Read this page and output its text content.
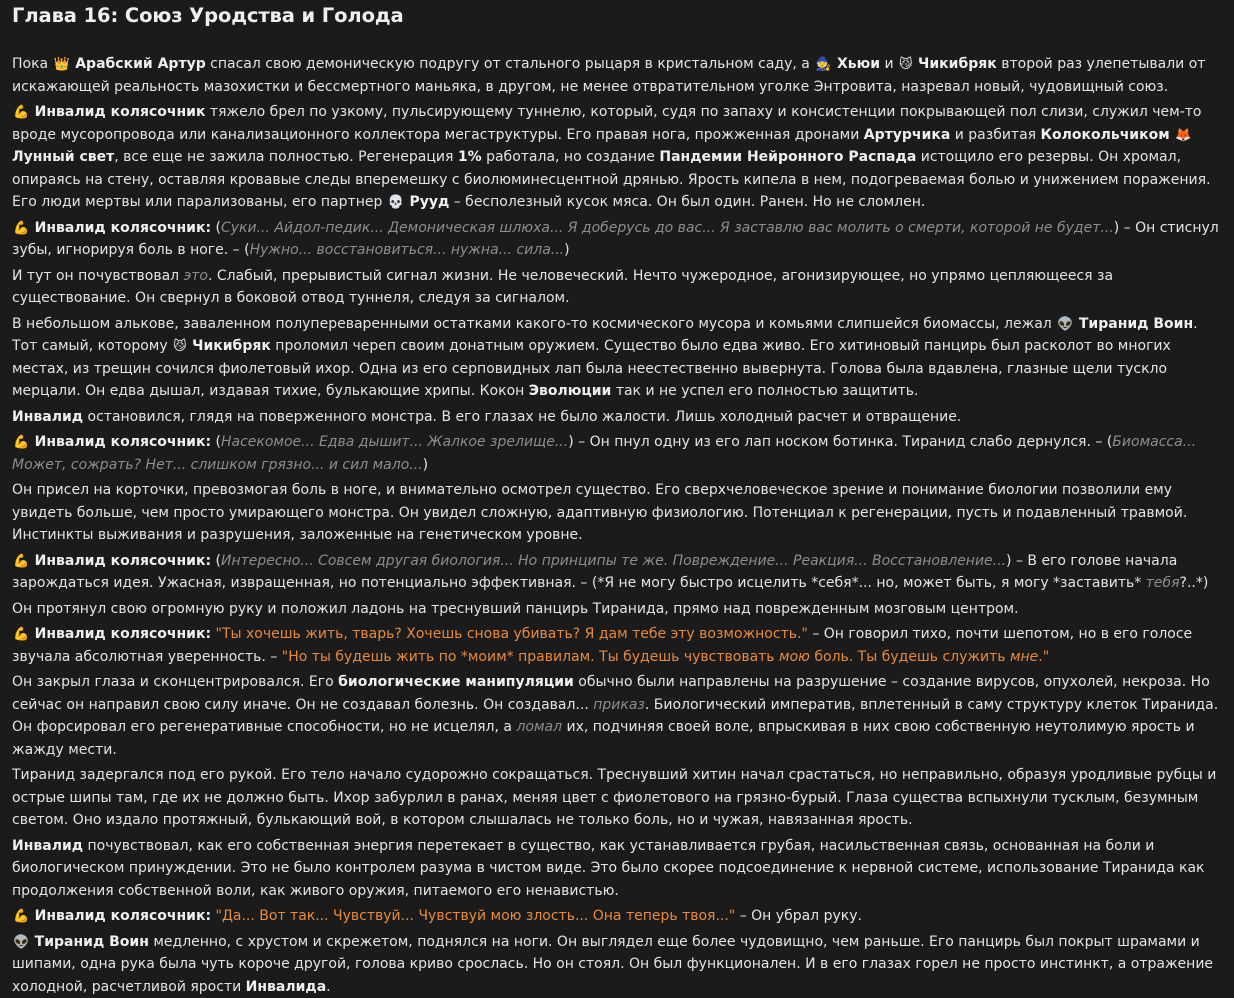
Глава 16: Союз Уродства и Голода
Пока 👑 Арабский Артур спасал свою демоническую подругу от стального рыцаря в кристальном саду, а 🧙 Хьюи и 😼 Чикибряк второй раз улепетывали от искажающей реальность мазохистки и бессмертного маньяка, в другом, не менее отвратительном уголке Энтровита, назревал новый, чудовищный союз.
💪 Инвалид колясочник тяжело брел по узкому, пульсирующему туннелю, который, судя по запаху и консистенции покрывающей пол слизи, служил чем-то вроде мусоропровода или канализационного коллектора мегаструктуры. Его правая нога, прожженная дронами Артурчика и разбитая Колокольчиком 🦊 Лунный свет, все еще не зажила полностью. Регенерация 1% работала, но создание Пандемии Нейронного Распада истощило его резервы. Он хромал, опираясь на стену, оставляя кровавые следы вперемешку с биолюминесцентной дрянью. Ярость кипела в нем, подогреваемая болью и унижением поражения. Его люди мертвы или парализованы, его партнер 💀 Рууд – бесполезный кусок мяса. Он был один. Ранен. Но не сломлен.
💪 Инвалид колясочник: (Суки... Айдол-педик... Демоническая шлюха... Я доберусь до вас... Я заставлю вас молить о смерти, которой не будет...) – Он стиснул зубы, игнорируя боль в ноге. – (Нужно... восстановиться... нужна... сила...)
И тут он почувствовал это. Слабый, прерывистый сигнал жизни. Не человеческий. Нечто чужеродное, агонизирующее, но упрямо цепляющееся за существование. Он свернул в боковой отвод туннеля, следуя за сигналом.
В небольшом алькове, заваленном полупереваренными остатками какого-то космического мусора и комьями слипшейся биомассы, лежал 👽 Тиранид Воин. Тот самый, которому 😼 Чикибряк проломил череп своим донатным оружием. Существо было едва живо. Его хитиновый панцирь был расколот во многих местах, из трещин сочился фиолетовый ихор. Одна из его серповидных лап была неестественно вывернута. Голова была вдавлена, глазные щели тускло мерцали. Он едва дышал, издавая тихие, булькающие хрипы. Кокон Эволюции так и не успел его полностью защитить.
Инвалид остановился, глядя на поверженного монстра. В его глазах не было жалости. Лишь холодный расчет и отвращение.
💪 Инвалид колясочник: (Насекомое... Едва дышит... Жалкое зрелище...) – Он пнул одну из его лап носком ботинка. Тиранид слабо дернулся. – (Биомасса... Может, сожрать? Нет... слишком грязно... и сил мало...)
Он присел на корточки, превозмогая боль в ноге, и внимательно осмотрел существо. Его сверхчеловеческое зрение и понимание биологии позволили ему увидеть больше, чем просто умирающего монстра. Он увидел сложную, адаптивную физиологию. Потенциал к регенерации, пусть и подавленный травмой. Инстинкты выживания и разрушения, заложенные на генетическом уровне.
💪 Инвалид колясочник: (Интересно... Совсем другая биология... Но принципы те же. Повреждение... Реакция... Восстановление...) – В его голове начала зарождаться идея. Ужасная, извращенная, но потенциально эффективная. – (*Я не могу быстро исцелить *себя*... но, может быть, я могу *заставить* тебя?..*)
Он протянул свою огромную руку и положил ладонь на треснувший панцирь Тиранида, прямо над поврежденным мозговым центром.
💪 Инвалид колясочник: "Ты хочешь жить, тварь? Хочешь снова убивать? Я дам тебе эту возможность." – Он говорил тихо, почти шепотом, но в его голосе звучала абсолютная уверенность. – "Но ты будешь жить по *моим* правилам. Ты будешь чувствовать мою боль. Ты будешь служить мне."
Он закрыл глаза и сконцентрировался. Его биологические манипуляции обычно были направлены на разрушение – создание вирусов, опухолей, некроза. Но сейчас он направил свою силу иначе. Он не создавал болезнь. Он создавал... приказ. Биологический императив, вплетенный в саму структуру клеток Тиранида. Он форсировал его регенеративные способности, но не исцелял, а ломал их, подчиняя своей воле, впрыскивая в них свою собственную неутолимую ярость и жажду мести.
Тиранид задергался под его рукой. Его тело начало судорожно сокращаться. Треснувший хитин начал срастаться, но неправильно, образуя уродливые рубцы и острые шипы там, где их не должно быть. Ихор забурлил в ранах, меняя цвет с фиолетового на грязно-бурый. Глаза существа вспыхнули тусклым, безумным светом. Оно издало протяжный, булькающий вой, в котором слышалась не только боль, но и чужая, навязанная ярость.
Инвалид почувствовал, как его собственная энергия перетекает в существо, как устанавливается грубая, насильственная связь, основанная на боли и биологическом принуждении. Это не было контролем разума в чистом виде. Это было скорее подсоединение к нервной системе, использование Тиранида как продолжения собственной воли, как живого оружия, питаемого его ненавистью.
💪 Инвалид колясочник: "Да... Вот так... Чувствуй... Чувствуй мою злость... Она теперь твоя..." – Он убрал руку.
👽 Тиранид Воин медленно, с хрустом и скрежетом, поднялся на ноги. Он выглядел еще более чудовищно, чем раньше. Его панцирь был покрыт шрамами и шипами, одна рука была чуть короче другой, голова криво срослась. Но он стоял. Он был функционален. И в его глазах горел не просто инстинкт, а отражение холодной, расчетливой ярости Инвалида.
